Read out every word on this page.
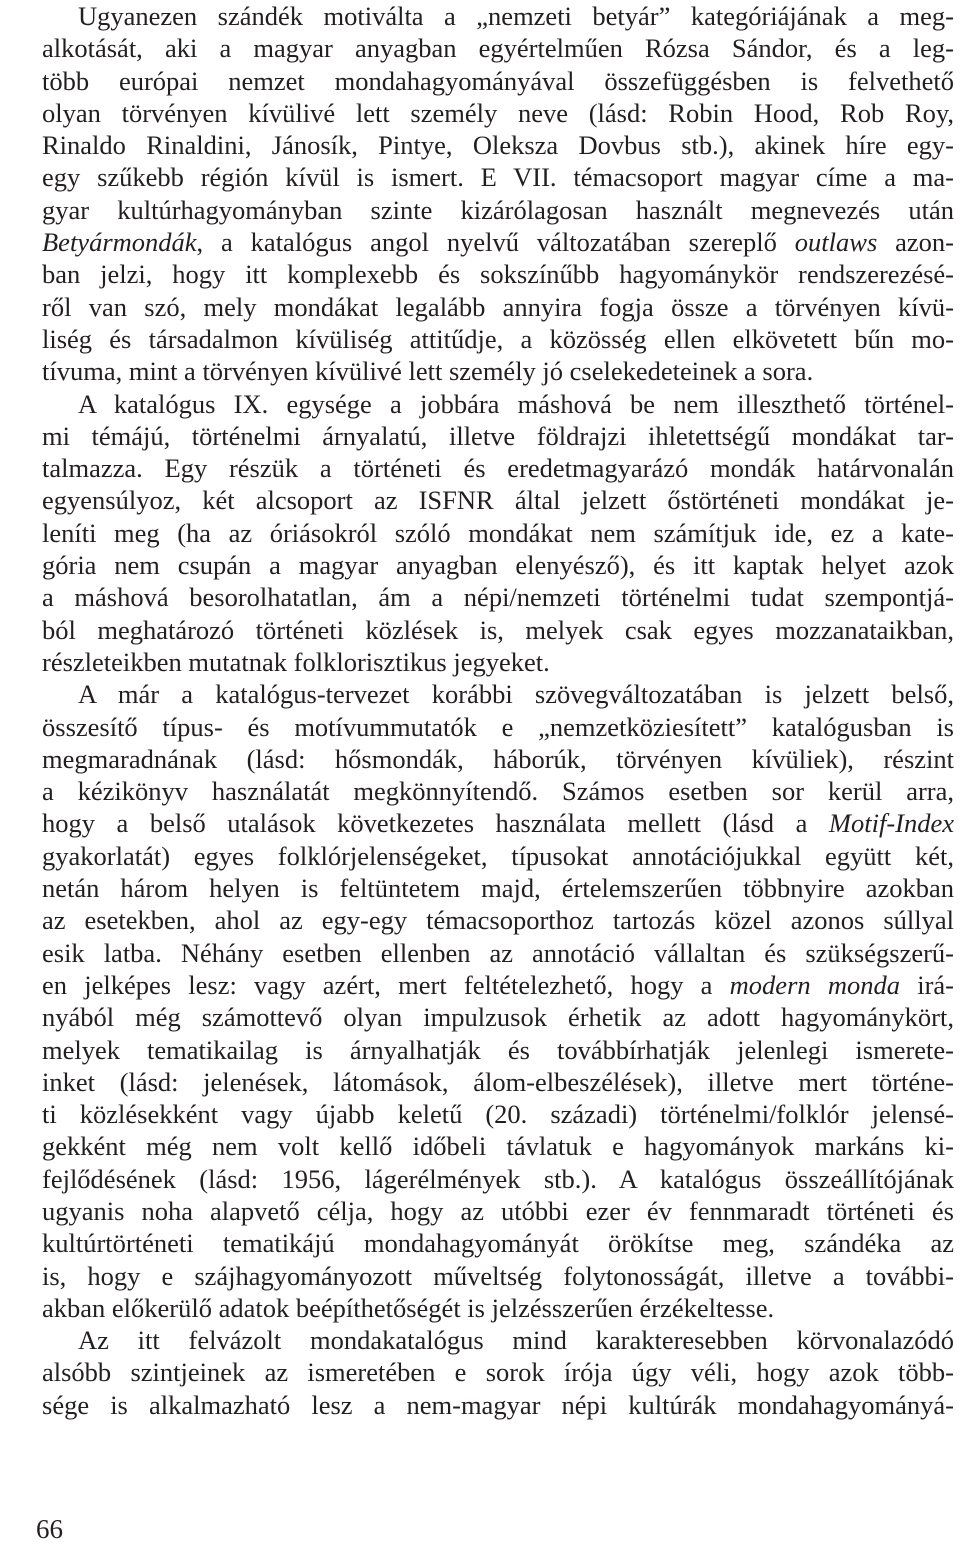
Ugyanezen szándék motiválta a „nemzeti betyár” kategóriájának a meg-
alkotását, aki a magyar anyagban egyértelműen Rózsa Sándor, és a leg-
több európai nemzet mondahagyományával összefüggésben is felvethető
olyan törvényen kívülivé lett személy neve (lásd: Robin Hood, Rob Roy,
Rinaldo Rinaldini, Jánosík, Pintye, Oleksza Dovbus stb.), akinek híre egy-
egy szűkebb régión kívül is ismert. E VII. témacsoport magyar címe a ma-
gyar kultúrhagyományban szinte kizárólagosan használt megnevezés után
Betyármondák, a katalógus angol nyelvű változatában szereplő outlaws azon-
ban jelzi, hogy itt komplexebb és sokszínűbb hagyománykör rendszerezésé-
ről van szó, mely mondákat legalább annyira fogja össze a törvényen kívü-
liség és társadalmon kívüliség attitűdje, a közösség ellen elkövetett bűn mo-
tívuma, mint a törvényen kívülivé lett személy jó cselekedeteinek a sora.
A katalógus IX. egysége a jobbára máshová be nem illeszthető történel-
mi témájú, történelmi árnyalatú, illetve földrajzi ihletettségű mondákat tar-
talmazza. Egy részük a történeti és eredetmagyarázó mondák határvonalán
egyensúlyoz, két alcsoport az ISFNR által jelzett őstörténeti mondákat je-
leníti meg (ha az óriásokról szóló mondákat nem számítjuk ide, ez a kate-
gória nem csupán a magyar anyagban elenyésző), és itt kaptak helyet azok
a máshová besorolhatatlan, ám a népi/nemzeti történelmi tudat szempontjá-
ból meghatározó történeti közlések is, melyek csak egyes mozzanataikban,
részleteikben mutatnak folklorisztikus jegyeket.
A már a katalógus-tervezet korábbi szövegváltozatában is jelzett belső,
összesítő típus- és motívummutatók e „nemzetköziesített” katalógusban is
megmaradnának (lásd: hősmondák, háborúk, törvényen kívüliek), részint
a kézikönyv használatát megkönnyítendő. Számos esetben sor kerül arra,
hogy a belső utalások következetes használata mellett (lásd a Motif-Index
gyakorlatát) egyes folklórjelenségeket, típusokat annotációjukkal együtt két,
netán három helyen is feltüntetem majd, értelemszerűen többnyire azokban
az esetekben, ahol az egy-egy témacsoporthoz tartozás közel azonos súllyal
esik latba. Néhány esetben ellenben az annotáció vállaltan és szükségszerű-
en jelképes lesz: vagy azért, mert feltételezhető, hogy a modern monda irá-
nyából még számottevő olyan impulzusok érhetik az adott hagyománykört,
melyek tematikailag is árnyalhatják és továbbírhatják jelenlegi ismerete-
inket (lásd: jelenések, látomások, álom-elbeszélések), illetve mert történe-
ti közlésekként vagy újabb keletű (20. századi) történelmi/folklór jelensé-
gekként még nem volt kellő időbeli távlatuk e hagyományok markáns ki-
fejlődésének (lásd: 1956, lágerélmények stb.). A katalógus összeállítójának
ugyanis noha alapvető célja, hogy az utóbbi ezer év fennmaradt történeti és
kultúrtörténeti tematikájú mondahagyományát örökítse meg, szándéka az
is, hogy e szájhagyományozott műveltség folytonosságát, illetve a további-
akban előkerülő adatok beépíthetőségét is jelzésszerűen érzékeltesse.
Az itt felvázolt mondakatalógus mind karakteresebben körvonalazódó
alsóbb szintjeinek az ismeretében e sorok írója úgy véli, hogy azok több-
sége is alkalmazható lesz a nem-magyar népi kultúrák mondahagyományá-
66
